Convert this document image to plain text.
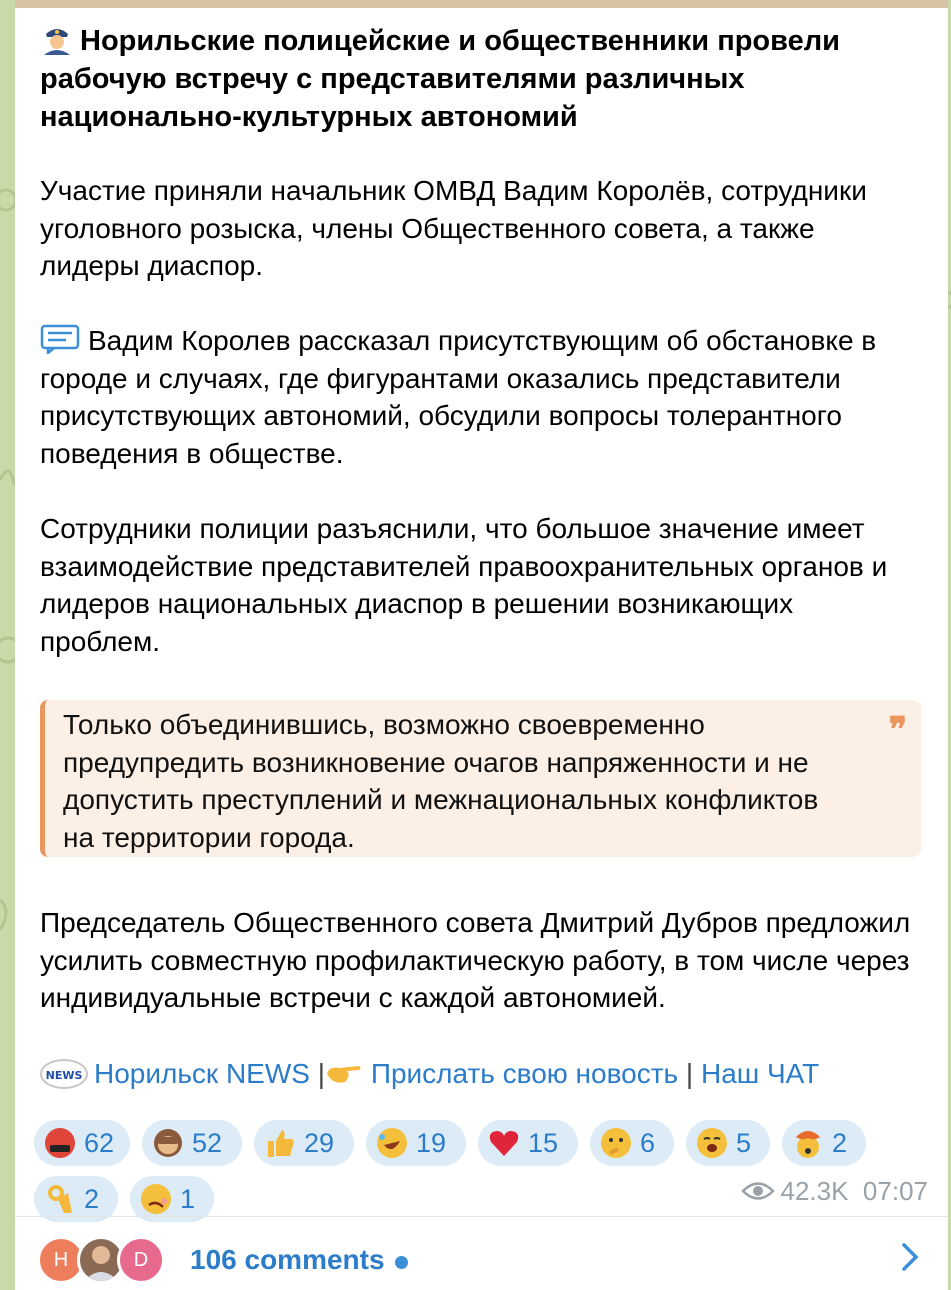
Норильские полицейские и общественники провели рабочую встречу с представителями различных национально-культурных автономий

Участие приняли начальник ОМВД Вадим Королёв, сотрудники уголовного розыска, члены Общественного совета, а также лидеры диаспор.

Вадим Королев рассказал присутствующим об обстановке в городе и случаях, где фигурантами оказались представители присутствующих автономий, обсудили вопросы толерантного поведения в обществе.

Сотрудники полиции разъяснили, что большое значение имеет взаимодействие представителей правоохранительных органов и лидеров национальных диаспор в решении возникающих проблем.

Только объединившись, возможно своевременно предупредить возникновение очагов напряженности и не допустить преступлений и межнациональных конфликтов на территории города.
❞

Председатель Общественного совета Дмитрий Дубров предложил усилить совместную профилактическую работу, в том числе через индивидуальные встречи с каждой автономией.

NEWS Норильск NEWS | Прислать свою новость | Наш ЧАТ
62	52	29	19	15	6	5	2
2	1	42.3K 07:07
Н	D	106 comments
